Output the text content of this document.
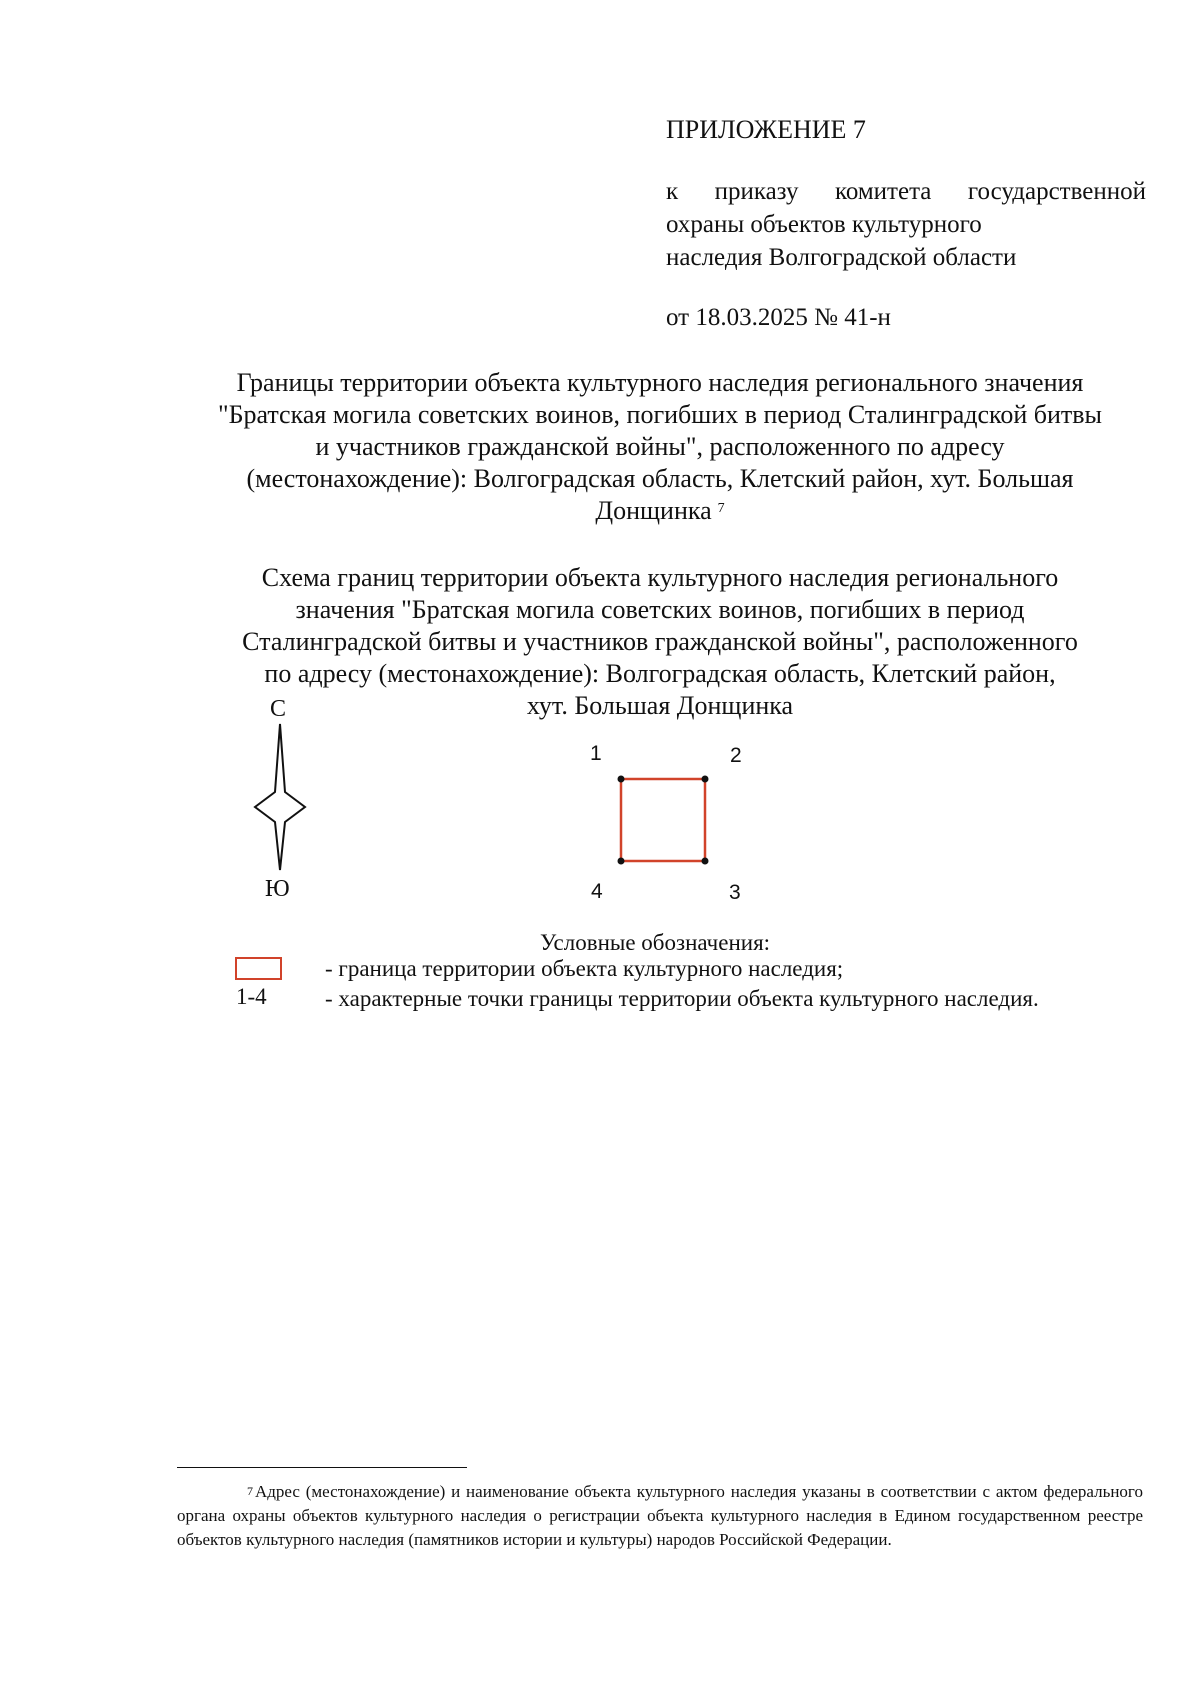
ПРИЛОЖЕНИЕ 7
к приказу комитета государственной
охраны объектов культурного
наследия Волгоградской области
от 18.03.2025 № 41-н
Границы территории объекта культурного наследия регионального значения
"Братская могила советских воинов, погибших в период Сталинградской битвы
и участников гражданской войны", расположенного по адресу
(местонахождение): Волгоградская область, Клетский район, хут. Большая
Донщинка $^7$
Схема границ территории объекта культурного наследия регионального
значения "Братская могила советских воинов, погибших в период
Сталинградской битвы и участников гражданской войны", расположенного
по адресу (местонахождение): Волгоградская область, Клетский район,
хут. Большая Донщинка
С
Ю
1	2
3
4
Условные обозначения:
- граница территории объекта культурного наследия;
1-4	- характерные точки границы территории объекта культурного наследия.
$^7$ Адрес (местонахождение) и наименование объекта культурного наследия указаны в соответствии с актом федерального органа охраны объектов культурного наследия о регистрации объекта культурного наследия в Едином государственном реестре объектов культурного наследия (памятников истории и культуры) народов Российской Федерации.
